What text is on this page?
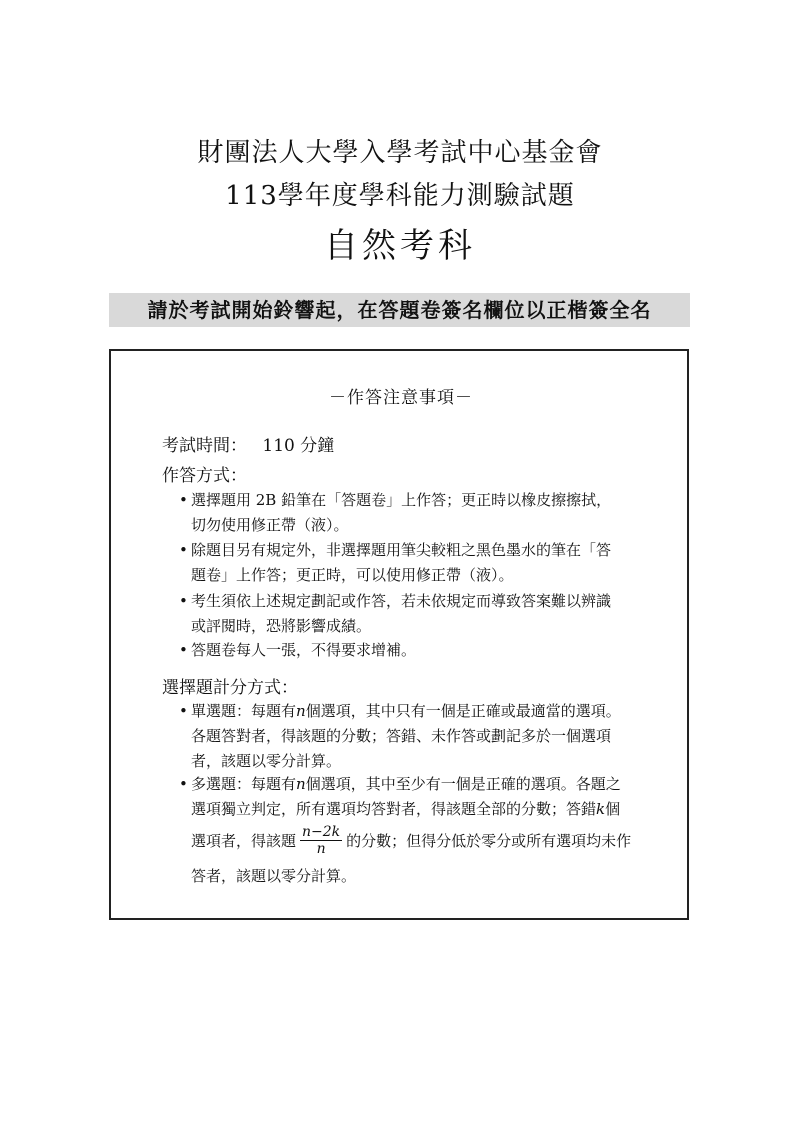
財團法人大學入學考試中心基金會
113學年度學科能力測驗試題
自然考科
請於考試開始鈴響起，在答題卷簽名欄位以正楷簽全名
－作答注意事項－
考試時間： 110 分鐘
作答方式：
• 選擇題用 2B 鉛筆在「答題卷」上作答；更正時以橡皮擦擦拭，
切勿使用修正帶（液）。
• 除題目另有規定外，非選擇題用筆尖較粗之黑色墨水的筆在「答
題卷」上作答；更正時，可以使用修正帶（液）。
• 考生須依上述規定劃記或作答，若未依規定而導致答案難以辨識
或評閱時，恐將影響成績。
• 答題卷每人一張，不得要求增補。
選擇題計分方式：
• 單選題：每題有n個選項，其中只有一個是正確或最適當的選項。
各題答對者，得該題的分數；答錯、未作答或劃記多於一個選項
者，該題以零分計算。
• 多選題：每題有n個選項，其中至少有一個是正確的選項。各題之
選項獨立判定，所有選項均答對者，得該題全部的分數；答錯k個
選項者，得該題 $\frac{n-2k}{n}$ 的分數；但得分低於零分或所有選項均未作
答者，該題以零分計算。
